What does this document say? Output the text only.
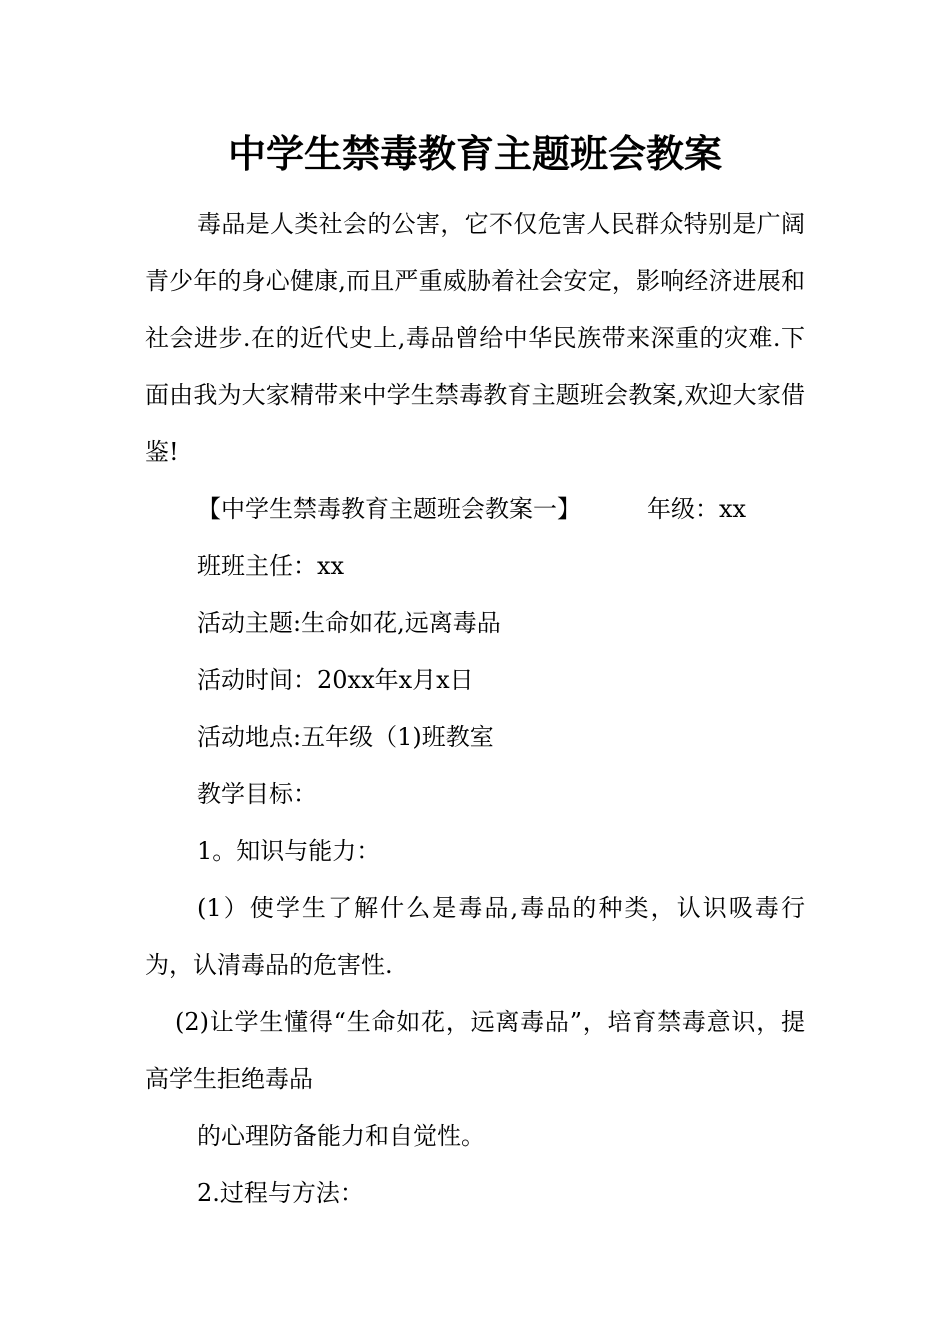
中学生禁毒教育主题班会教案

毒品是人类社会的公害，它不仅危害人民群众特别是广阔青少年的身心健康,而且严重威胁着社会安定，影响经济进展和社会进步.在的近代史上,毒品曾给中华民族带来深重的灾难.下面由我为大家精带来中学生禁毒教育主题班会教案,欢迎大家借鉴!

【中学生禁毒教育主题班会教案一】	年级：xx

班班主任：xx

活动主题:生命如花,远离毒品

活动时间：20xx年x月x日

活动地点:五年级（1)班教室

教学目标：

1。知识与能力：

(1）使学生了解什么是毒品,毒品的种类，认识吸毒行为，认清毒品的危害性.

(2)让学生懂得“生命如花，远离毒品”，培育禁毒意识，提高学生拒绝毒品

的心理防备能力和自觉性。

2.过程与方法：
